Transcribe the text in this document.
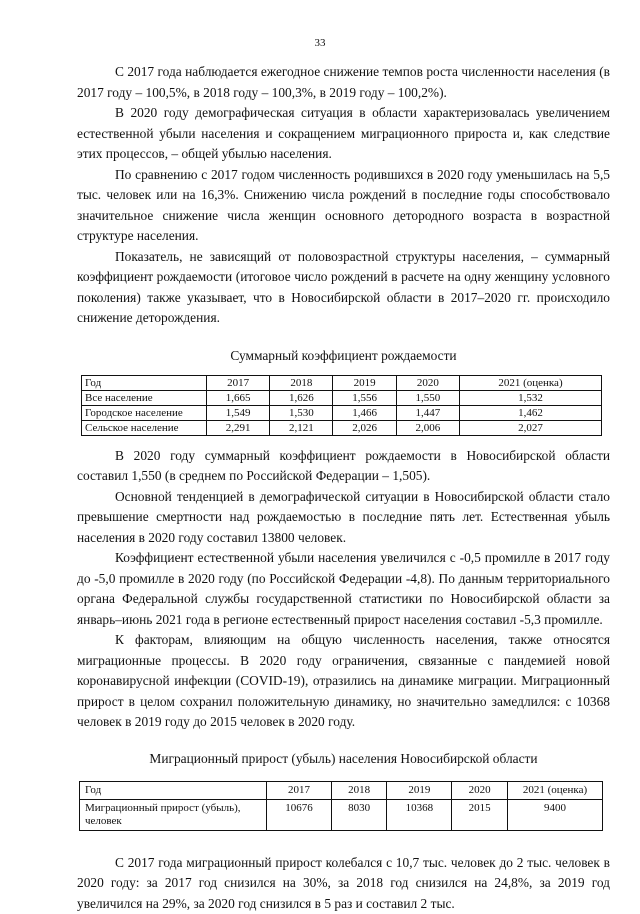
33

С 2017 года наблюдается ежегодное снижение темпов роста численности населения (в 2017 году – 100,5%, в 2018 году – 100,3%, в 2019 году – 100,2%).

В 2020 году демографическая ситуация в области характеризовалась увеличением естественной убыли населения и сокращением миграционного прироста и, как следствие этих процессов, – общей убылью населения.

По сравнению с 2017 годом численность родившихся в 2020 году уменьшилась на 5,5 тыс. человек или на 16,3%. Снижению числа рождений в последние годы способствовало значительное снижение числа женщин основного детородного возраста в возрастной структуре населения.

Показатель, не зависящий от половозрастной структуры населения, – суммарный коэффициент рождаемости (итоговое число рождений в расчете на одну женщину условного поколения) также указывает, что в Новосибирской области в 2017–2020 гг. происходило снижение деторождения.

Суммарный коэффициент рождаемости

Год	2017	2018	2019	2020	2021 (оценка)
Все население	1,665	1,626	1,556	1,550	1,532
Городское население	1,549	1,530	1,466	1,447	1,462
Сельское население	2,291	2,121	2,026	2,006	2,027

В 2020 году суммарный коэффициент рождаемости в Новосибирской области составил 1,550 (в среднем по Российской Федерации – 1,505).

Основной тенденцией в демографической ситуации в Новосибирской области стало превышение смертности над рождаемостью в последние пять лет. Естественная убыль населения в 2020 году составил 13800 человек.

Коэффициент естественной убыли населения увеличился с -0,5 промилле в 2017 году до -5,0 промилле в 2020 году (по Российской Федерации -4,8). По данным территориального органа Федеральной службы государственной статистики по Новосибирской области за январь–июнь 2021 года в регионе естественный прирост населения составил -5,3 промилле.

К факторам, влияющим на общую численность населения, также относятся миграционные процессы. В 2020 году ограничения, связанные с пандемией новой коронавирусной инфекции (COVID-19), отразились на динамике миграции. Миграционный прирост в целом сохранил положительную динамику, но значительно замедлился: с 10368 человек в 2019 году до 2015 человек в 2020 году.

Миграционный прирост (убыль) населения Новосибирской области

Год	2017	2018	2019	2020	2021 (оценка)
Миграционный прирост (убыль), человек	10676	8030	10368	2015	9400

С 2017 года миграционный прирост колебался с 10,7 тыс. человек до 2 тыс. человек в 2020 году: за 2017 год снизился на 30%, за 2018 год снизился на 24,8%, за 2019 год увеличился на 29%, за 2020 год снизился в 5 раз и составил 2 тыс.
